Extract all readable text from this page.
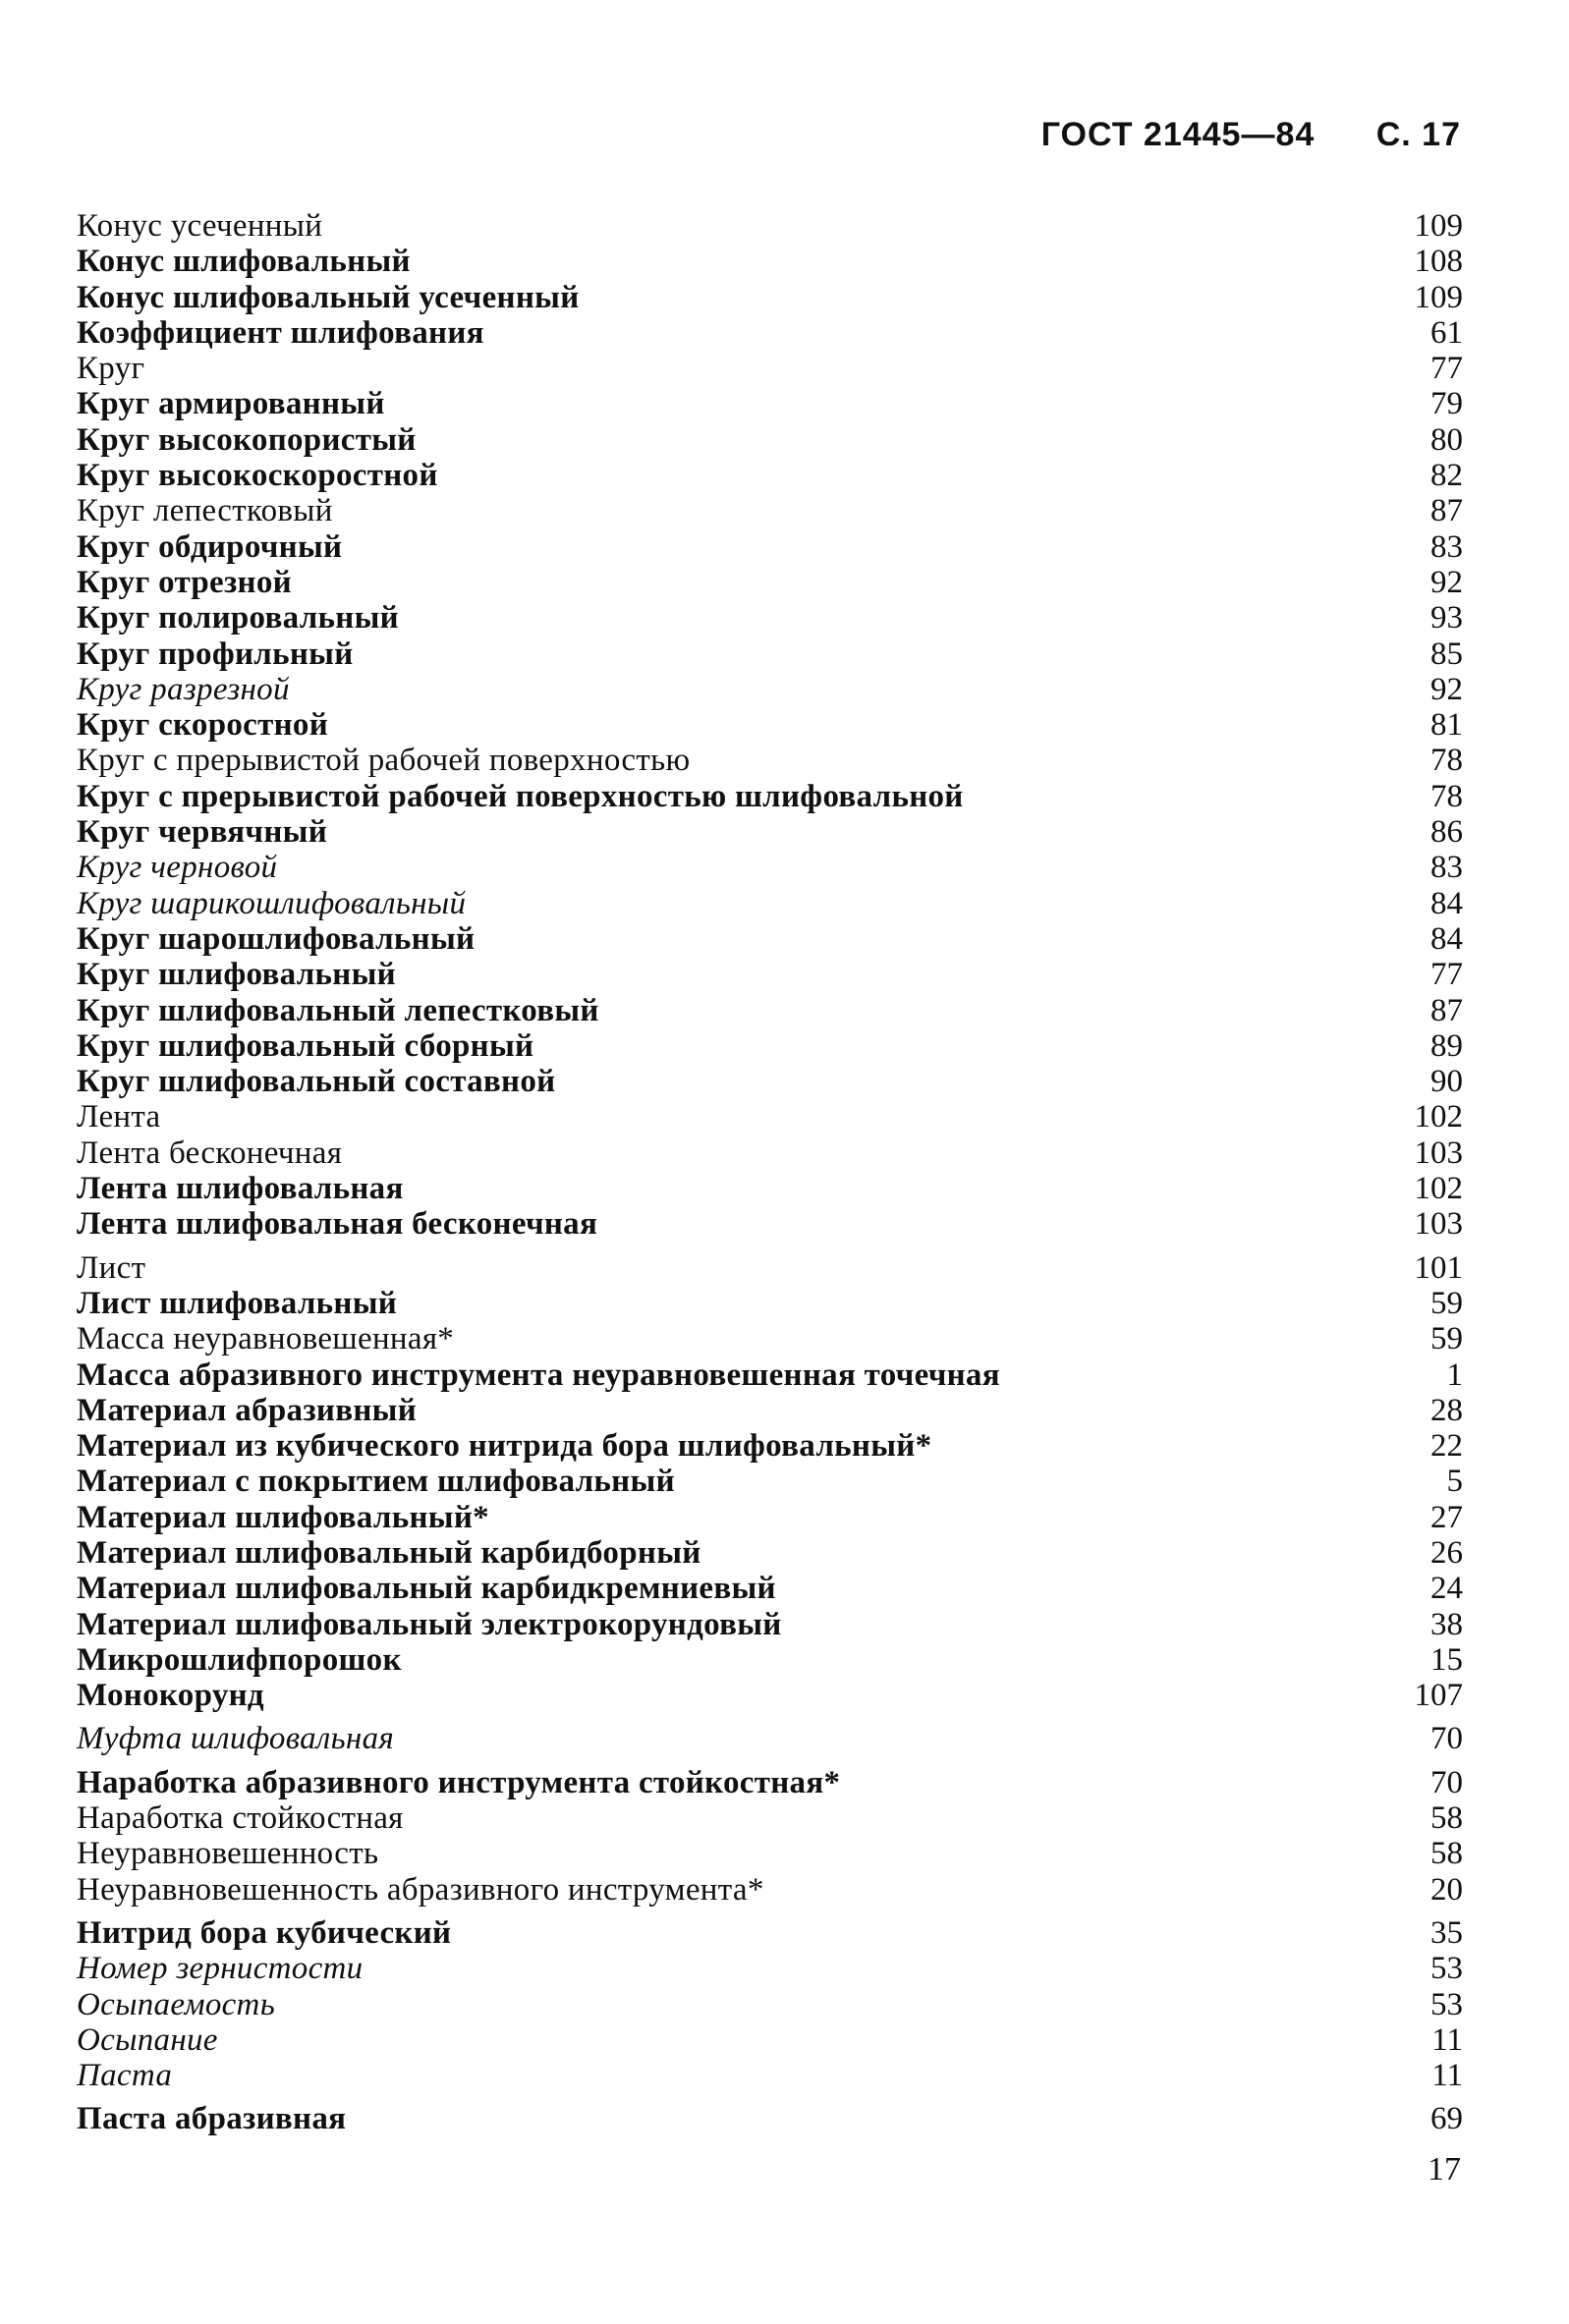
ГОСТ 21445—84 С. 17
Конус усеченный	109
Конус шлифовальный	108
Конус шлифовальный усеченный	109
Коэффициент шлифования	61
Круг	77
Круг армированный	79
Круг высокопористый	80
Круг высокоскоростной	82
Круг лепестковый	87
Круг обдирочный	83
Круг отрезной	92
Круг полировальный	93
Круг профильный	85
Круг разрезной	92
Круг скоростной	81
Круг с прерывистой рабочей поверхностью	78
Круг с прерывистой рабочей поверхностью шлифовальной	78
Круг червячный	86
Круг черновой	83
Круг шарикошлифовальный	84
Круг шарошлифовальный	84
Круг шлифовальный	77
Круг шлифовальный лепестковый	87
Круг шлифовальный сборный	89
Круг шлифовальный составной	90
Лента	102
Лента бесконечная	103
Лента шлифовальная	102
Лента шлифовальная бесконечная	103
Лист	101
Лист шлифовальный	59
Масса неуравновешенная*	59
Масса абразивного инструмента неуравновешенная точечная	1
Материал абразивный	28
Материал из кубического нитрида бора шлифовальный*	22
Материал с покрытием шлифовальный	5
Материал шлифовальный*	27
Материал шлифовальный карбидборный	26
Материал шлифовальный карбидкремниевый	24
Материал шлифовальный электрокорундовый	38
Микрошлифпорошок	15
Монокорунд	107
Муфта шлифовальная	70
Наработка абразивного инструмента стойкостная*	70
Наработка стойкостная	58
Неуравновешенность	58
Неуравновешенность абразивного инструмента*	20
Нитрид бора кубический	35
Номер зернистости	53
Осыпаемость	53
Осыпание	11
Паста	11
Паста абразивная	69
17
